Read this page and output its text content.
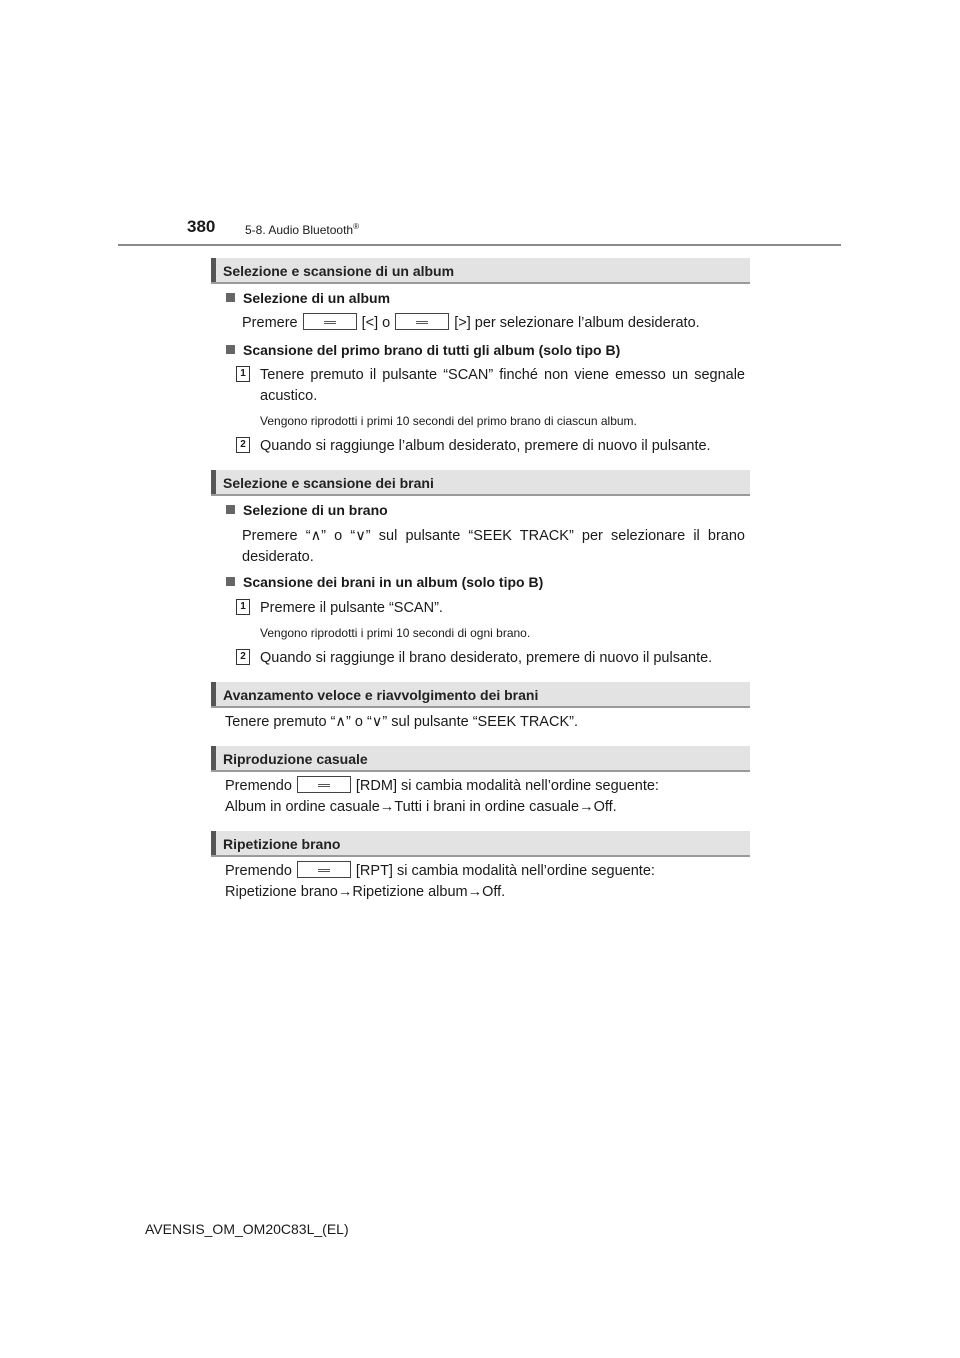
380 5-8. Audio Bluetooth®
Selezione e scansione di un album
Selezione di un album
Premere	[<] o	[>] per selezionare l’album desiderato.
Scansione del primo brano di tutti gli album (solo tipo B)
1 Tenere premuto il pulsante “SCAN” finché non viene emesso un segnale acustico.
Vengono riprodotti i primi 10 secondi del primo brano di ciascun album.
2 Quando si raggiunge l’album desiderato, premere di nuovo il pulsante.
Selezione e scansione dei brani
Selezione di un brano
Premere “∧” o “∨” sul pulsante “SEEK TRACK” per selezionare il brano desiderato.
Scansione dei brani in un album (solo tipo B)
1 Premere il pulsante “SCAN”.
Vengono riprodotti i primi 10 secondi di ogni brano.
2 Quando si raggiunge il brano desiderato, premere di nuovo il pulsante.
Avanzamento veloce e riavvolgimento dei brani
Tenere premuto “∧” o “∨” sul pulsante “SEEK TRACK”.
Riproduzione casuale
Premendo	[RDM] si cambia modalità nell’ordine seguente:
Album in ordine casuale→Tutti i brani in ordine casuale→Off.
Ripetizione brano
Premendo	[RPT] si cambia modalità nell’ordine seguente:
Ripetizione brano→Ripetizione album→Off.
AVENSIS_OM_OM20C83L_(EL)
